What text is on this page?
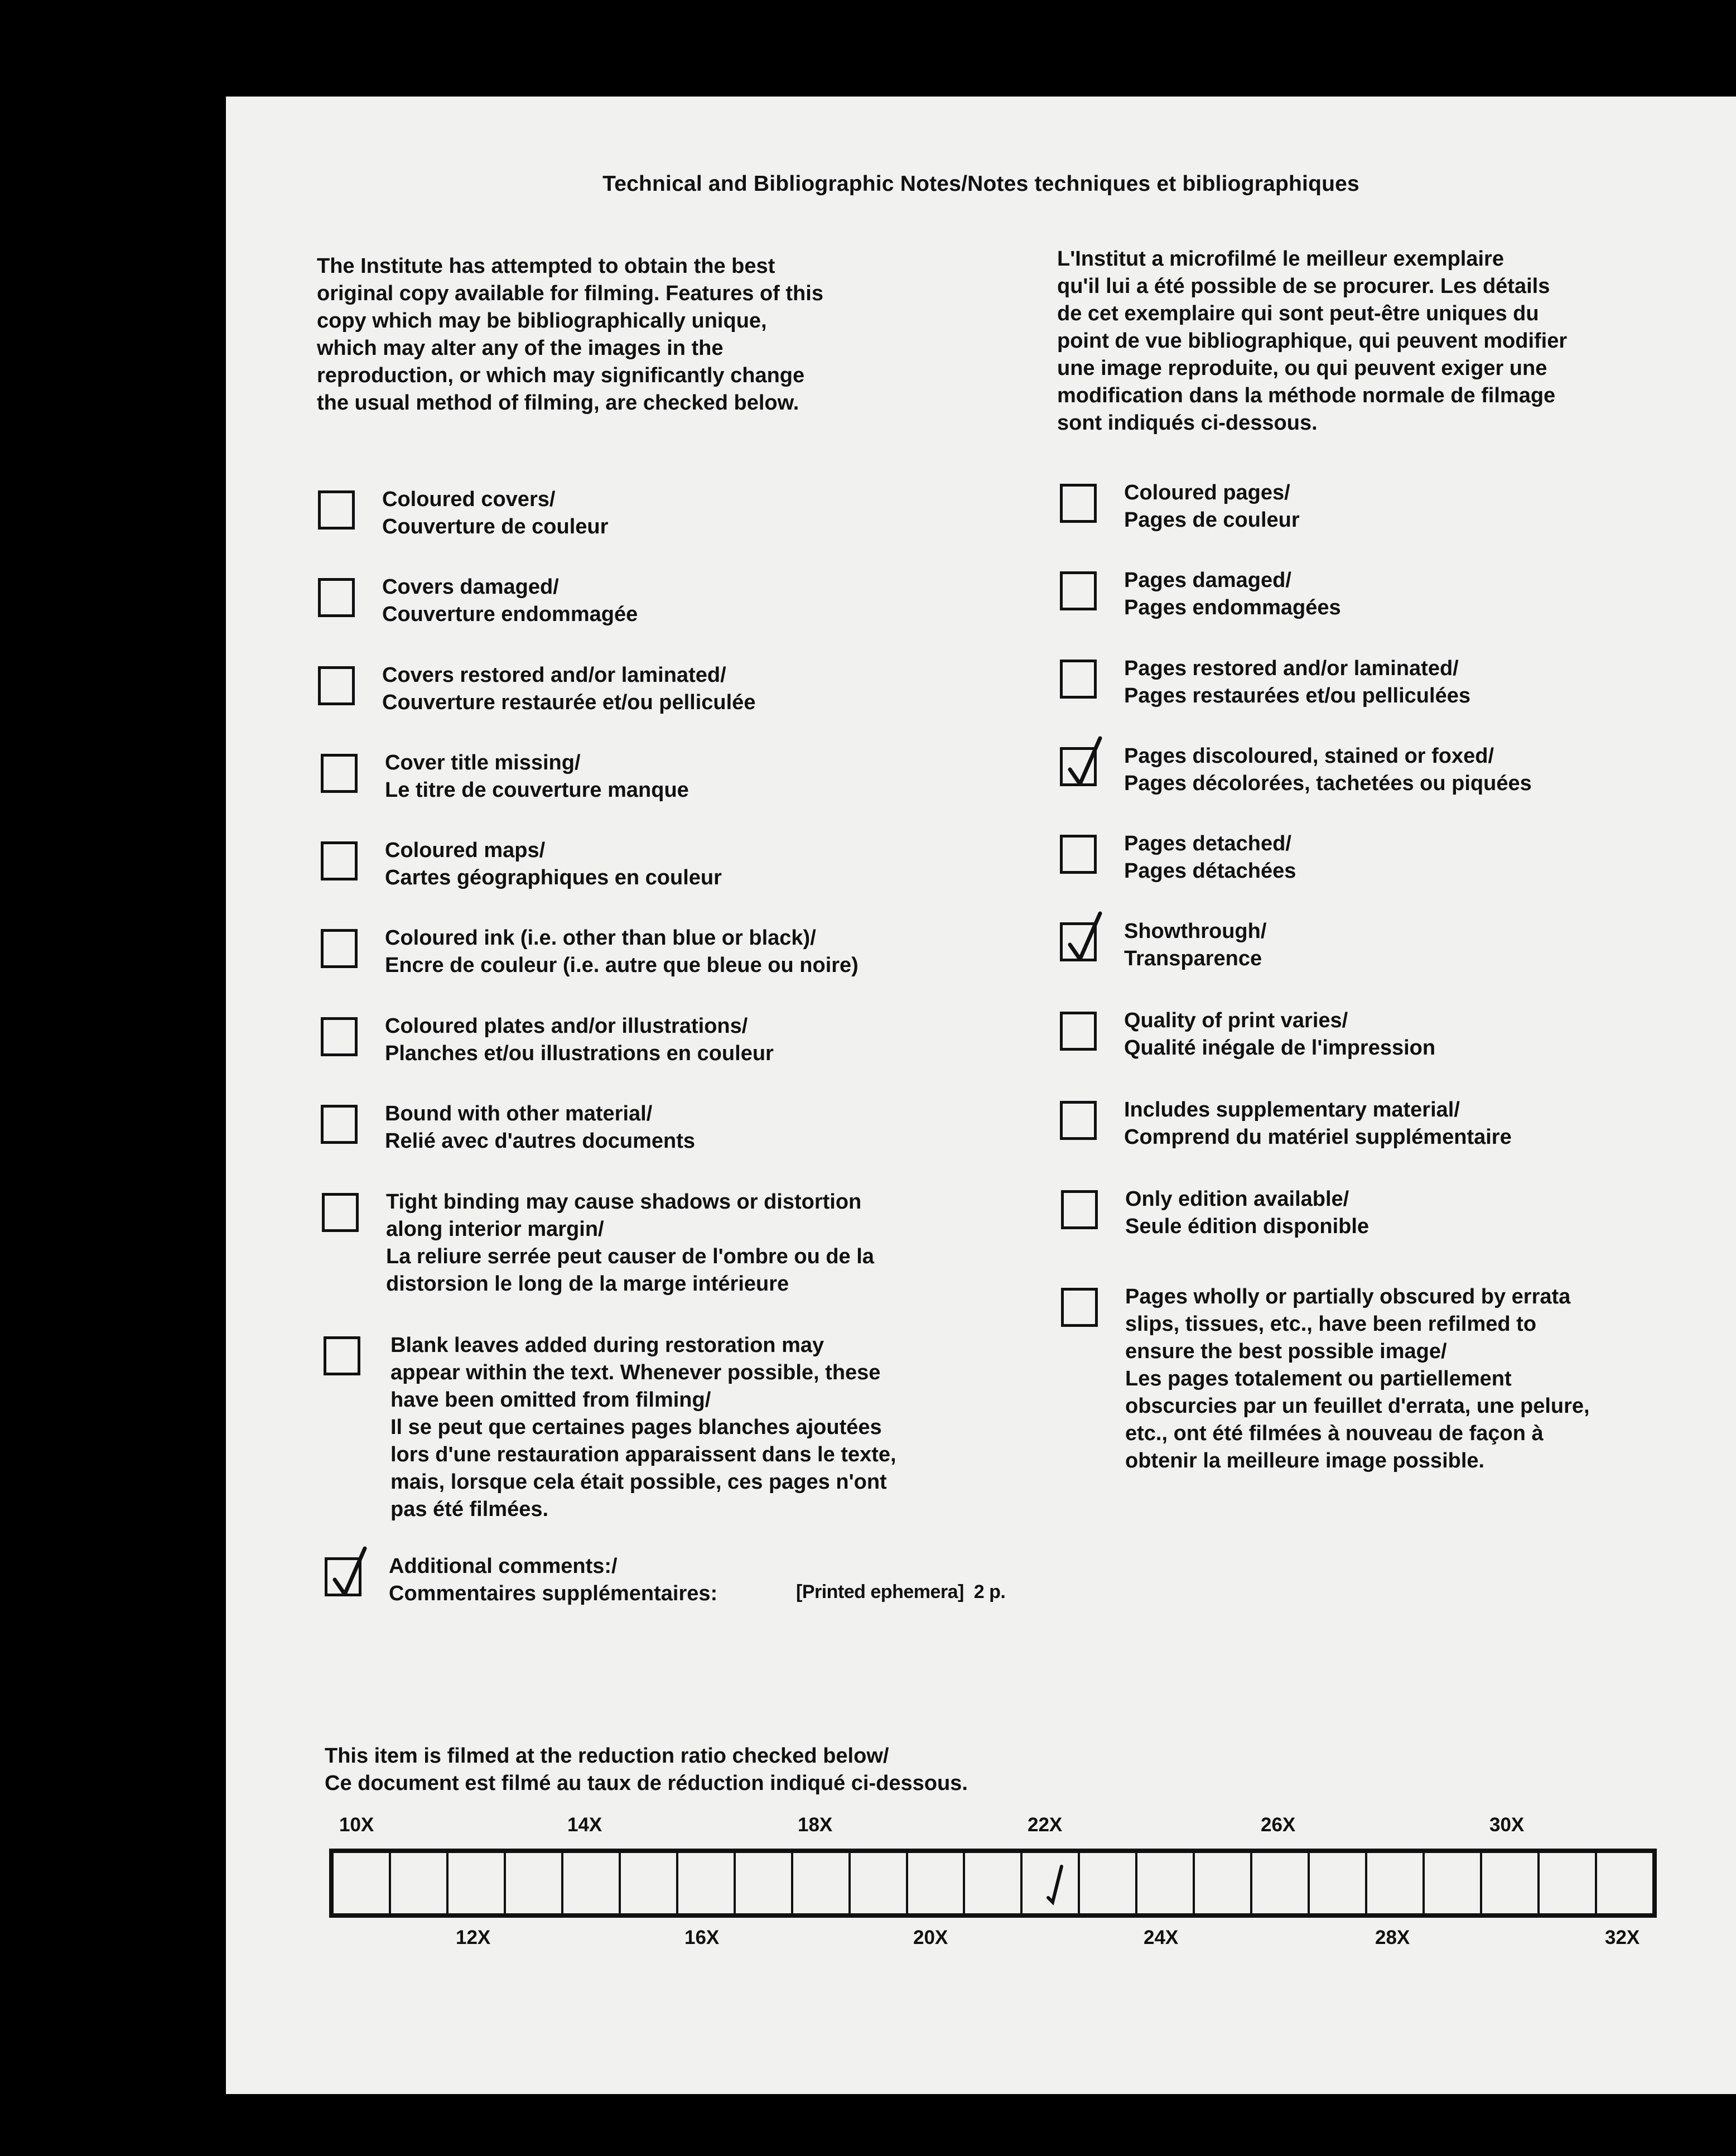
Technical and Bibliographic Notes/Notes techniques et bibliographiques
The Institute has attempted to obtain the best
original copy available for filming. Features of this
copy which may be bibliographically unique,
which may alter any of the images in the
reproduction, or which may significantly change
the usual method of filming, are checked below.
L'Institut a microfilmé le meilleur exemplaire
qu'il lui a été possible de se procurer. Les détails
de cet exemplaire qui sont peut-être uniques du
point de vue bibliographique, qui peuvent modifier
une image reproduite, ou qui peuvent exiger une
modification dans la méthode normale de filmage
sont indiqués ci-dessous.
Coloured covers/
Couverture de couleur
Covers damaged/
Couverture endommagée
Covers restored and/or laminated/
Couverture restaurée et/ou pelliculée
Cover title missing/
Le titre de couverture manque
Coloured maps/
Cartes géographiques en couleur
Coloured ink (i.e. other than blue or black)/
Encre de couleur (i.e. autre que bleue ou noire)
Coloured plates and/or illustrations/
Planches et/ou illustrations en couleur
Bound with other material/
Relié avec d'autres documents
Tight binding may cause shadows or distortion
along interior margin/
La reliure serrée peut causer de l'ombre ou de la
distorsion le long de la marge intérieure
Blank leaves added during restoration may
appear within the text. Whenever possible, these
have been omitted from filming/
Il se peut que certaines pages blanches ajoutées
lors d'une restauration apparaissent dans le texte,
mais, lorsque cela était possible, ces pages n'ont
pas été filmées.
Coloured pages/
Pages de couleur
Pages damaged/
Pages endommagées
Pages restored and/or laminated/
Pages restaurées et/ou pelliculées
Pages discoloured, stained or foxed/
Pages décolorées, tachetées ou piquées
Pages detached/
Pages détachées
Showthrough/
Transparence
Quality of print varies/
Qualité inégale de l'impression
Includes supplementary material/
Comprend du matériel supplémentaire
Only edition available/
Seule édition disponible
Pages wholly or partially obscured by errata
slips, tissues, etc., have been refilmed to
ensure the best possible image/
Les pages totalement ou partiellement
obscurcies par un feuillet d'errata, une pelure,
etc., ont été filmées à nouveau de façon à
obtenir la meilleure image possible.
Additional comments:/
Commentaires supplémentaires:	[Printed ephemera]  2 p.
This item is filmed at the reduction ratio checked below/
Ce document est filmé au taux de réduction indiqué ci-dessous.
10X	14X	18X	22X	26X	30X
12X	16X	20X	24X	28X	32X
